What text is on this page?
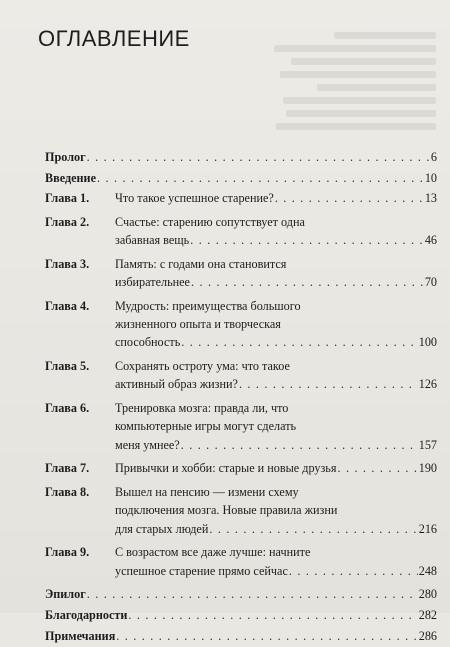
ОГЛАВЛЕНИЕ
Пролог . . .	6
Введение . . .	10
Глава 1.	Что такое успешное старение? . . .	13
Глава 2.	Счастье: старению сопутствует одна
забавная вещь . . .	46
Глава 3.	Память: с годами она становится
избирательнее . . .	70
Глава 4.	Мудрость: преимущества большого
жизненного опыта и творческая
способность . . .	100
Глава 5.	Сохранять остроту ума: что такое
активный образ жизни? . . .	126
Глава 6.	Тренировка мозга: правда ли, что
компьютерные игры могут сделать
меня умнее? . . .	157
Глава 7.	Привычки и хобби: старые и новые друзья . . .	190
Глава 8.	Вышел на пенсию — измени схему
подключения мозга. Новые правила жизни
для старых людей . . .	216
Глава 9.	С возрастом все даже лучше: начните
успешное старение прямо сейчас . . .	248
Эпилог . . .	280
Благодарности . . .	282
Примечания . . .	286
